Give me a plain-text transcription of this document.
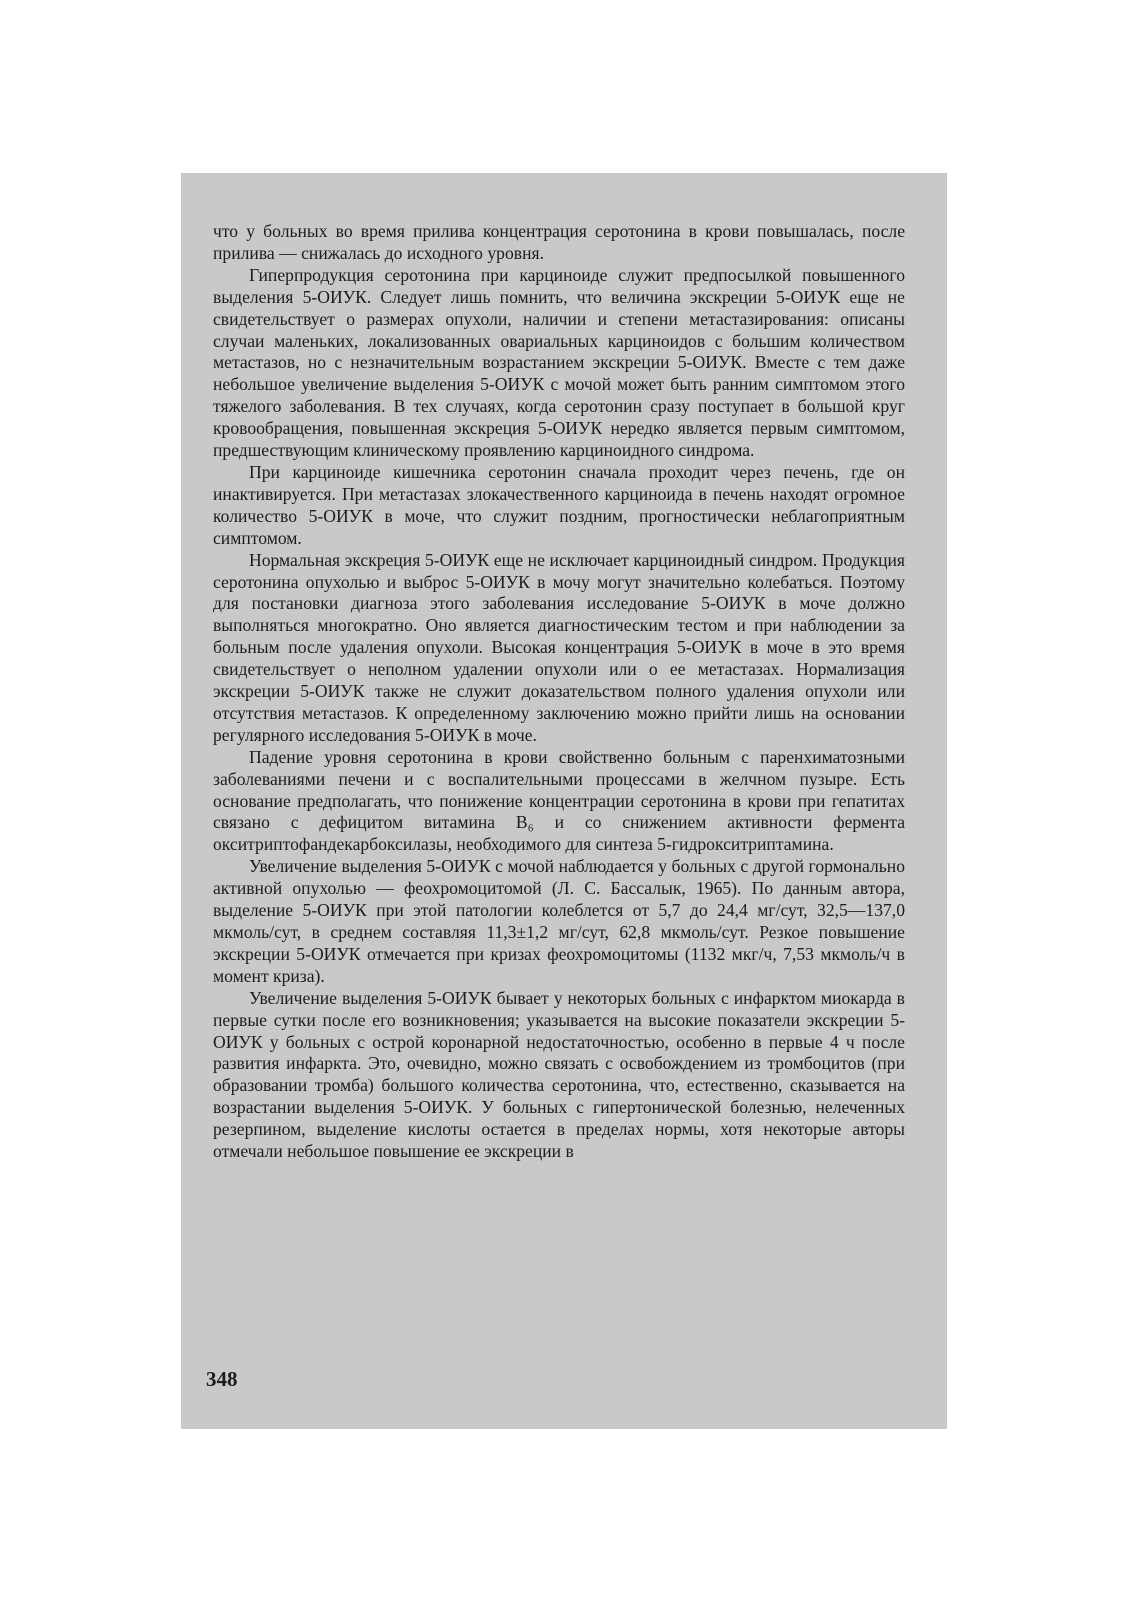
что у больных во время прилива концентрация серотонина в крови повышалась, после прилива — снижалась до исходного уровня.

Гиперпродукция серотонина при карциноиде служит предпосылкой повышенного выделения 5-ОИУК. Следует лишь помнить, что величина экскреции 5-ОИУК еще не свидетельствует о размерах опухоли, наличии и степени метастазирования: описаны случаи маленьких, локализованных овариальных карциноидов с большим количеством метастазов, но с незначительным возрастанием экскреции 5-ОИУК. Вместе с тем даже небольшое увеличение выделения 5-ОИУК с мочой может быть ранним симптомом этого тяжелого заболевания. В тех случаях, когда серотонин сразу поступает в большой круг кровообращения, повышенная экскреция 5-ОИУК нередко является первым симптомом, предшествующим клиническому проявлению карциноидного синдрома.

При карциноиде кишечника серотонин сначала проходит через печень, где он инактивируется. При метастазах злокачественного карциноида в печень находят огромное количество 5-ОИУК в моче, что служит поздним, прогностически неблагоприятным симптомом.

Нормальная экскреция 5-ОИУК еще не исключает карциноидный синдром. Продукция серотонина опухолью и выброс 5-ОИУК в мочу могут значительно колебаться. Поэтому для постановки диагноза этого заболевания исследование 5-ОИУК в моче должно выполняться многократно. Оно является диагностическим тестом и при наблюдении за больным после удаления опухоли. Высокая концентрация 5-ОИУК в моче в это время свидетельствует о неполном удалении опухоли или о ее метастазах. Нормализация экскреции 5-ОИУК также не служит доказательством полного удаления опухоли или отсутствия метастазов. К определенному заключению можно прийти лишь на основании регулярного исследования 5-ОИУК в моче.

Падение уровня серотонина в крови свойственно больным с паренхиматозными заболеваниями печени и с воспалительными процессами в желчном пузыре. Есть основание предполагать, что понижение концентрации серотонина в крови при гепатитах связано с дефицитом витамина B₆ и со снижением активности фермента окситриптофандекарбоксилазы, необходимого для синтеза 5-гидрокситриптамина.

Увеличение выделения 5-ОИУК с мочой наблюдается у больных с другой гормонально активной опухолью — феохромоцитомой (Л. С. Бассалык, 1965). По данным автора, выделение 5-ОИУК при этой патологии колеблется от 5,7 до 24,4 мг/сут, 32,5—137,0 мкмоль/сут, в среднем составляя 11,3±1,2 мг/сут, 62,8 мкмоль/сут. Резкое повышение экскреции 5-ОИУК отмечается при кризах феохромоцитомы (1132 мкг/ч, 7,53 мкмоль/ч в момент криза).

Увеличение выделения 5-ОИУК бывает у некоторых больных с инфарктом миокарда в первые сутки после его возникновения; указывается на высокие показатели экскреции 5-ОИУК у больных с острой коронарной недостаточностью, особенно в первые 4 ч после развития инфаркта. Это, очевидно, можно связать с освобождением из тромбоцитов (при образовании тромба) большого количества серотонина, что, естественно, сказывается на возрастании выделения 5-ОИУК. У больных с гипертонической болезнью, нелеченных резерпином, выделение кислоты остается в пределах нормы, хотя некоторые авторы отмечали небольшое повышение ее экскреции в

348
